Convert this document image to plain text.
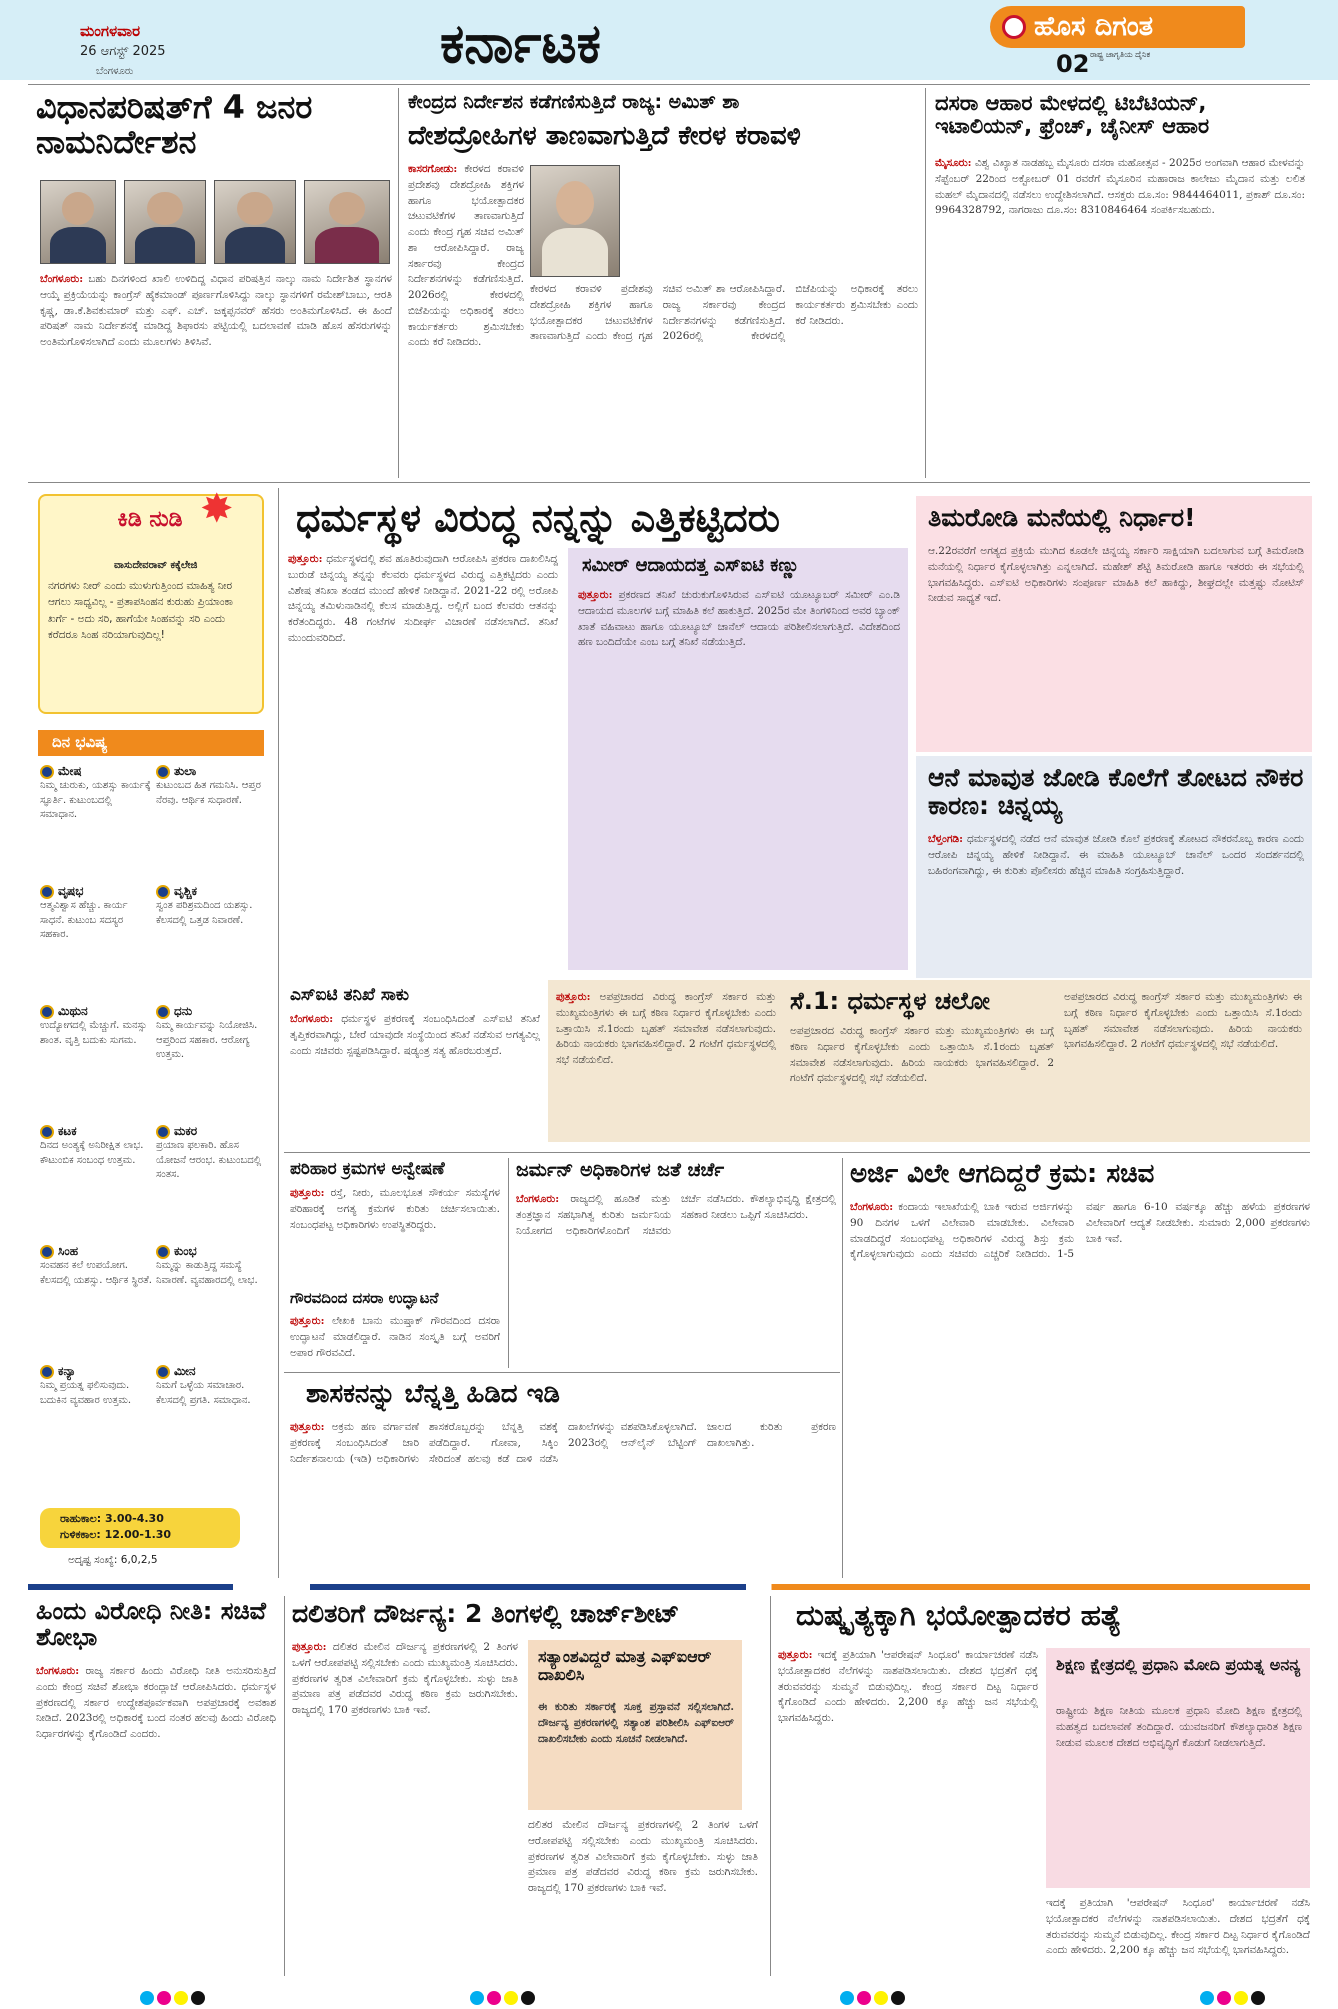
ಮಂಗಳವಾರ
26 ಆಗಸ್ಟ್ 2025
ಬೆಂಗಳೂರು	ಕರ್ನಾಟಕ	ಹೊಸ ದಿಗಂತ
ರಾಷ್ಟ್ರ ಜಾಗೃತಿಯ ದೈನಿಕ
02
ವಿಧಾನಪರಿಷತ್‌ಗೆ 4 ಜನರ ನಾಮನಿರ್ದೇಶನ
ಬೆಂಗಳೂರು: ಬಹು ದಿನಗಳಿಂದ ಖಾಲಿ ಉಳಿದಿದ್ದ ವಿಧಾನ ಪರಿಷತ್ತಿನ ನಾಲ್ಕು ನಾಮ ನಿರ್ದೇಶಿತ ಸ್ಥಾನಗಳ ಆಯ್ಕೆ ಪ್ರಕ್ರಿಯೆಯನ್ನು ಕಾಂಗ್ರೆಸ್ ಹೈಕಮಾಂಡ್ ಪೂರ್ಣಗೊಳಿಸಿದ್ದು ನಾಲ್ಕು ಸ್ಥಾನಗಳಿಗೆ ರಮೇಶ್‌ಬಾಬು, ಆರತಿ ಕೃಷ್ಣ, ಡಾ.ಕೆ.ಶಿವಕುಮಾರ್ ಮತ್ತು ಎಫ್. ಎಚ್. ಜಕ್ಕಪ್ಪನವರ್ ಹೆಸರು ಅಂತಿಮಗೊಳಿಸಿದೆ. ಈ ಹಿಂದೆ ಪರಿಷತ್ ನಾಮ ನಿರ್ದೇಶನಕ್ಕೆ ಮಾಡಿದ್ದ ಶಿಫಾರಸು ಪಟ್ಟಿಯಲ್ಲಿ ಬದಲಾವಣೆ ಮಾಡಿ ಹೊಸ ಹೆಸರುಗಳನ್ನು ಅಂತಿಮಗೊಳಿಸಲಾಗಿದೆ ಎಂದು ಮೂಲಗಳು ತಿಳಿಸಿವೆ.
ಕೇಂದ್ರದ ನಿರ್ದೇಶನ ಕಡೆಗಣಿಸುತ್ತಿದೆ ರಾಜ್ಯ: ಅಮಿತ್ ಶಾ
ದೇಶದ್ರೋಹಿಗಳ ತಾಣವಾಗುತ್ತಿದೆ ಕೇರಳ ಕರಾವಳಿ
ಕಾಸರಗೋಡು: ಕೇರಳದ ಕರಾವಳಿ ಪ್ರದೇಶವು ದೇಶದ್ರೋಹಿ ಶಕ್ತಿಗಳ ಹಾಗೂ ಭಯೋತ್ಪಾದಕರ ಚಟುವಟಿಕೆಗಳ ತಾಣವಾಗುತ್ತಿದೆ ಎಂದು ಕೇಂದ್ರ ಗೃಹ ಸಚಿವ ಅಮಿತ್ ಶಾ ಆರೋಪಿಸಿದ್ದಾರೆ. ರಾಜ್ಯ ಸರ್ಕಾರವು ಕೇಂದ್ರದ ನಿರ್ದೇಶನಗಳನ್ನು ಕಡೆಗಣಿಸುತ್ತಿದೆ. 2026ರಲ್ಲಿ ಕೇರಳದಲ್ಲಿ ಬಿಜೆಪಿಯನ್ನು ಅಧಿಕಾರಕ್ಕೆ ತರಲು ಕಾರ್ಯಕರ್ತರು ಶ್ರಮಿಸಬೇಕು ಎಂದು ಕರೆ ನೀಡಿದರು.
ಕೇರಳದ ಕರಾವಳಿ ಪ್ರದೇಶವು ದೇಶದ್ರೋಹಿ ಶಕ್ತಿಗಳ ಹಾಗೂ ಭಯೋತ್ಪಾದಕರ ಚಟುವಟಿಕೆಗಳ ತಾಣವಾಗುತ್ತಿದೆ ಎಂದು ಕೇಂದ್ರ ಗೃಹ ಸಚಿವ ಅಮಿತ್ ಶಾ ಆರೋಪಿಸಿದ್ದಾರೆ. ರಾಜ್ಯ ಸರ್ಕಾರವು ಕೇಂದ್ರದ ನಿರ್ದೇಶನಗಳನ್ನು ಕಡೆಗಣಿಸುತ್ತಿದೆ. 2026ರಲ್ಲಿ ಕೇರಳದಲ್ಲಿ ಬಿಜೆಪಿಯನ್ನು ಅಧಿಕಾರಕ್ಕೆ ತರಲು ಕಾರ್ಯಕರ್ತರು ಶ್ರಮಿಸಬೇಕು ಎಂದು ಕರೆ ನೀಡಿದರು.
ದಸರಾ ಆಹಾರ ಮೇಳದಲ್ಲಿ ಟಿಬೆಟಿಯನ್, ಇಟಾಲಿಯನ್, ಫ್ರೆಂಚ್, ಚೈನೀಸ್ ಆಹಾರ
ಮೈಸೂರು: ವಿಶ್ವ ವಿಖ್ಯಾತ ನಾಡಹಬ್ಬ ಮೈಸೂರು ದಸರಾ ಮಹೋತ್ಸವ - 2025ರ ಅಂಗವಾಗಿ ಆಹಾರ ಮೇಳವನ್ನು ಸೆಪ್ಟೆಂಬರ್ 22ರಿಂದ ಅಕ್ಟೋಬರ್ 01 ರವರೆಗೆ ಮೈಸೂರಿನ ಮಹಾರಾಜ ಕಾಲೇಜು ಮೈದಾನ ಮತ್ತು ಲಲಿತ ಮಹಲ್ ಮೈದಾನದಲ್ಲಿ ನಡೆಸಲು ಉದ್ದೇಶಿಸಲಾಗಿದೆ. ಆಸಕ್ತರು ದೂ.ಸಂ: 9844464011, ಪ್ರಕಾಶ್ ದೂ.ಸಂ: 9964328792, ನಾಗರಾಜು ದೂ.ಸಂ: 8310846464 ಸಂಪರ್ಕಿಸಬಹುದು.
✸
ಕಿಡಿ ನುಡಿ
ವಾಸುದೇವರಾವ್ ಕಕ್ಕೆಲೇಜಿ
ನಗರಗಳು ನೀರ್‌ ಎಂದು ಮುಳುಗುತ್ತಿಂಂದ ಮಾಹಿತ್ಯ ನೀರ ಆಗಲು ಸಾಧ್ಯವಿಲ್ಲ - ಪ್ರತಾಪಸಿಂಹನ ಕುರುಹು ಪ್ರಿಯಾಂಕಾ ಖರ್ಗೆ - ಅದು ಸರಿ, ಹಾಗೆಯೇ ಸಿಂಹವನ್ನು ಸರಿ ಎಂದು ಕರೆದರೂ ಸಿಂಹ ನರಿಯಾಗುವುದಿಲ್ಲ!
ದಿನ ಭವಿಷ್ಯ
ಮೇಷ
ನಿಮ್ಮ ಚುರುಕು, ಯಶಸ್ಸು ಕಾರ್ಯಕ್ಕೆ ಸ್ಫೂರ್ತಿ. ಕುಟುಂಬದಲ್ಲಿ ಸಮಾಧಾನ.
ವೃಷಭ
ಆತ್ಮವಿಶ್ವಾಸ ಹೆಚ್ಚು. ಕಾರ್ಯ ಸಾಧನೆ. ಕುಟುಂಬ ಸದಸ್ಯರ ಸಹಕಾರ.
ಮಿಥುನ
ಉದ್ಯೋಗದಲ್ಲಿ ಮೆಚ್ಚುಗೆ. ಮನಸ್ಸು ಶಾಂತ. ವೃತ್ತಿ ಬದುಕು ಸುಗಮ.
ಕಟಕ
ದಿನದ ಅಂತ್ಯಕ್ಕೆ ಅನಿರೀಕ್ಷಿತ ಲಾಭ. ಕೌಟುಂಬಿಕ ಸಂಬಂಧ ಉತ್ತಮ.
ಸಿಂಹ
ಸಂವಹನ ಕಲೆ ಉಪಯೋಗ. ಕೆಲಸದಲ್ಲಿ ಯಶಸ್ಸು. ಆರ್ಥಿಕ ಸ್ಥಿರತೆ.
ಕನ್ಯಾ
ನಿಮ್ಮ ಪ್ರಯತ್ನ ಫಲಿಸುವುದು. ಬದುಕಿನ ವ್ಯವಹಾರ ಉತ್ತಮ.
ತುಲಾ
ಕುಟುಂಬದ ಹಿತ ಗಮನಿಸಿ. ಆಪ್ತರ ನೆರವು. ಆರ್ಥಿಕ ಸುಧಾರಣೆ.
ವೃಶ್ಚಿಕ
ಸ್ವಂತ ಪರಿಶ್ರಮದಿಂದ ಯಶಸ್ಸು. ಕೆಲಸದಲ್ಲಿ ಒತ್ತಡ ನಿವಾರಣೆ.
ಧನು
ನಿಮ್ಮ ಕಾರ್ಯವನ್ನು ನಿಯೋಜಿಸಿ. ಆಪ್ತರಿಂದ ಸಹಕಾರ. ಆರೋಗ್ಯ ಉತ್ತಮ.
ಮಕರ
ಪ್ರಯಾಣ ಫಲಕಾರಿ. ಹೊಸ ಯೋಜನೆ ಆರಂಭ. ಕುಟುಂಬದಲ್ಲಿ ಸಂತಸ.
ಕುಂಭ
ನಿಮ್ಮನ್ನು ಕಾಡುತ್ತಿದ್ದ ಸಮಸ್ಯೆ ನಿವಾರಣೆ. ವ್ಯವಹಾರದಲ್ಲಿ ಲಾಭ.
ಮೀನ
ನಿಮಗೆ ಒಳ್ಳೆಯ ಸಮಾಚಾರ. ಕೆಲಸದಲ್ಲಿ ಪ್ರಗತಿ. ಸಮಾಧಾನ.
ರಾಹುಕಾಲ: 3.00-4.30
ಗುಳಿಕಕಾಲ: 12.00-1.30
ಅದೃಷ್ಟ ಸಂಖ್ಯೆ: 6,0,2,5
ಧರ್ಮಸ್ಥಳ ವಿರುದ್ಧ ನನ್ನನ್ನು ಎತ್ತಿಕಟ್ಟಿದರು
ಪುತ್ತೂರು: ಧರ್ಮಸ್ಥಳದಲ್ಲಿ ಶವ ಹೂತಿರುವುದಾಗಿ ಆರೋಪಿಸಿ ಪ್ರಕರಣ ದಾಖಲಿಸಿದ್ದ ಬುರುಡೆ ಚಿನ್ನಯ್ಯ ತನ್ನನ್ನು ಕೆಲವರು ಧರ್ಮಸ್ಥಳದ ವಿರುದ್ಧ ಎತ್ತಿಕಟ್ಟಿದರು ಎಂದು ವಿಶೇಷ ತನಿಖಾ ತಂಡದ ಮುಂದೆ ಹೇಳಿಕೆ ನೀಡಿದ್ದಾನೆ. 2021-22 ರಲ್ಲಿ ಅರೋಪಿ ಚಿನ್ನಯ್ಯ ತಮಿಳುನಾಡಿನಲ್ಲಿ ಕೆಲಸ ಮಾಡುತ್ತಿದ್ದ. ಅಲ್ಲಿಗೆ ಬಂದ ಕೆಲವರು ಆತನನ್ನು ಕರೆತಂದಿದ್ದರು. 48 ಗಂಟೆಗಳ ಸುದೀರ್ಘ ವಿಚಾರಣೆ ನಡೆಸಲಾಗಿದೆ. ತನಿಖೆ ಮುಂದುವರಿದಿದೆ.
ಸಮೀರ್ ಆದಾಯದತ್ತ ಎಸ್‌ಐಟಿ ಕಣ್ಣು
ಪುತ್ತೂರು: ಪ್ರಕರಣದ ತನಿಖೆ ಚುರುಕುಗೊಳಿಸಿರುವ ಎಸ್‌ಐಟಿ ಯೂಟ್ಯೂಬರ್ ಸಮೀರ್ ಎಂ.ಡಿ ಆದಾಯದ ಮೂಲಗಳ ಬಗ್ಗೆ ಮಾಹಿತಿ ಕಲೆ ಹಾಕುತ್ತಿದೆ. 2025ರ ಮೇ ತಿಂಗಳಿನಿಂದ ಅವರ ಬ್ಯಾಂಕ್ ಖಾತೆ ವಹಿವಾಟು ಹಾಗೂ ಯೂಟ್ಯೂಬ್ ಚಾನೆಲ್ ಆದಾಯ ಪರಿಶೀಲಿಸಲಾಗುತ್ತಿದೆ. ವಿದೇಶದಿಂದ ಹಣ ಬಂದಿದೆಯೇ ಎಂಬ ಬಗ್ಗೆ ತನಿಖೆ ನಡೆಯುತ್ತಿದೆ.
ತಿಮರೋಡಿ ಮನೆಯಲ್ಲಿ ನಿರ್ಧಾರ!
ಆ.22ರವರೆಗೆ ಅಗತ್ಯದ ಪ್ರಕ್ರಿಯೆ ಮುಗಿದ ಕೂಡಲೇ ಚಿನ್ನಯ್ಯ ಸರ್ಕಾರಿ ಸಾಕ್ಷಿಯಾಗಿ ಬದಲಾಗುವ ಬಗ್ಗೆ ತಿಮರೋಡಿ ಮನೆಯಲ್ಲಿ ನಿರ್ಧಾರ ಕೈಗೊಳ್ಳಲಾಗಿತ್ತು ಎನ್ನಲಾಗಿದೆ. ಮಹೇಶ್ ಶೆಟ್ಟಿ ತಿಮರೋಡಿ ಹಾಗೂ ಇತರರು ಈ ಸಭೆಯಲ್ಲಿ ಭಾಗವಹಿಸಿದ್ದರು. ಎಸ್‌ಐಟಿ ಅಧಿಕಾರಿಗಳು ಸಂಪೂರ್ಣ ಮಾಹಿತಿ ಕಲೆ ಹಾಕಿದ್ದು, ಶೀಘ್ರದಲ್ಲೇ ಮತ್ತಷ್ಟು ನೋಟಿಸ್ ನೀಡುವ ಸಾಧ್ಯತೆ ಇದೆ.
ಆನೆ ಮಾವುತ ಜೋಡಿ ಕೊಲೆಗೆ ತೋಟದ ನೌಕರ ಕಾರಣ: ಚಿನ್ನಯ್ಯ
ಬೆಳ್ತಂಗಡಿ: ಧರ್ಮಸ್ಥಳದಲ್ಲಿ ನಡೆದ ಆನೆ ಮಾವುತ ಜೋಡಿ ಕೊಲೆ ಪ್ರಕರಣಕ್ಕೆ ತೋಟದ ನೌಕರನೊಬ್ಬ ಕಾರಣ ಎಂದು ಆರೋಪಿ ಚಿನ್ನಯ್ಯ ಹೇಳಿಕೆ ನೀಡಿದ್ದಾನೆ. ಈ ಮಾಹಿತಿ ಯೂಟ್ಯೂಬ್ ಚಾನೆಲ್ ಒಂದರ ಸಂದರ್ಶನದಲ್ಲಿ ಬಹಿರಂಗವಾಗಿದ್ದು, ಈ ಕುರಿತು ಪೊಲೀಸರು ಹೆಚ್ಚಿನ ಮಾಹಿತಿ ಸಂಗ್ರಹಿಸುತ್ತಿದ್ದಾರೆ.
ಎಸ್‌ಐಟಿ ತನಿಖೆ ಸಾಕು
ಬೆಂಗಳೂರು: ಧರ್ಮಸ್ಥಳ ಪ್ರಕರಣಕ್ಕೆ ಸಂಬಂಧಿಸಿದಂತೆ ಎಸ್‌ಐಟಿ ತನಿಖೆ ತೃಪ್ತಿಕರವಾಗಿದ್ದು, ಬೇರೆ ಯಾವುದೇ ಸಂಸ್ಥೆಯಿಂದ ತನಿಖೆ ನಡೆಸುವ ಅಗತ್ಯವಿಲ್ಲ ಎಂದು ಸಚಿವರು ಸ್ಪಷ್ಟಪಡಿಸಿದ್ದಾರೆ. ಷಡ್ಯಂತ್ರ ಸತ್ಯ ಹೊರಬರುತ್ತದೆ.
ಸೆ.1: ಧರ್ಮಸ್ಥಳ ಚಲೋ
ಪುತ್ತೂರು: ಅಪಪ್ರಚಾರದ ವಿರುದ್ಧ ಕಾಂಗ್ರೆಸ್ ಸರ್ಕಾರ ಮತ್ತು ಮುಖ್ಯಮಂತ್ರಿಗಳು ಈ ಬಗ್ಗೆ ಕಠಿಣ ನಿರ್ಧಾರ ಕೈಗೊಳ್ಳಬೇಕು ಎಂದು ಒತ್ತಾಯಿಸಿ ಸೆ.1ರಂದು ಬೃಹತ್ ಸಮಾವೇಶ ನಡೆಸಲಾಗುವುದು. ಹಿರಿಯ ನಾಯಕರು ಭಾಗವಹಿಸಲಿದ್ದಾರೆ. 2 ಗಂಟೆಗೆ ಧರ್ಮಸ್ಥಳದಲ್ಲಿ ಸಭೆ ನಡೆಯಲಿದೆ.
ಅಪಪ್ರಚಾರದ ವಿರುದ್ಧ ಕಾಂಗ್ರೆಸ್ ಸರ್ಕಾರ ಮತ್ತು ಮುಖ್ಯಮಂತ್ರಿಗಳು ಈ ಬಗ್ಗೆ ಕಠಿಣ ನಿರ್ಧಾರ ಕೈಗೊಳ್ಳಬೇಕು ಎಂದು ಒತ್ತಾಯಿಸಿ ಸೆ.1ರಂದು ಬೃಹತ್ ಸಮಾವೇಶ ನಡೆಸಲಾಗುವುದು. ಹಿರಿಯ ನಾಯಕರು ಭಾಗವಹಿಸಲಿದ್ದಾರೆ. 2 ಗಂಟೆಗೆ ಧರ್ಮಸ್ಥಳದಲ್ಲಿ ಸಭೆ ನಡೆಯಲಿದೆ.
ಅಪಪ್ರಚಾರದ ವಿರುದ್ಧ ಕಾಂಗ್ರೆಸ್ ಸರ್ಕಾರ ಮತ್ತು ಮುಖ್ಯಮಂತ್ರಿಗಳು ಈ ಬಗ್ಗೆ ಕಠಿಣ ನಿರ್ಧಾರ ಕೈಗೊಳ್ಳಬೇಕು ಎಂದು ಒತ್ತಾಯಿಸಿ ಸೆ.1ರಂದು ಬೃಹತ್ ಸಮಾವೇಶ ನಡೆಸಲಾಗುವುದು. ಹಿರಿಯ ನಾಯಕರು ಭಾಗವಹಿಸಲಿದ್ದಾರೆ. 2 ಗಂಟೆಗೆ ಧರ್ಮಸ್ಥಳದಲ್ಲಿ ಸಭೆ ನಡೆಯಲಿದೆ.
ಪರಿಹಾರ ಕ್ರಮಗಳ ಅನ್ವೇಷಣೆ
ಪುತ್ತೂರು: ರಸ್ತೆ, ನೀರು, ಮೂಲಭೂತ ಸೌಕರ್ಯ ಸಮಸ್ಯೆಗಳ ಪರಿಹಾರಕ್ಕೆ ಅಗತ್ಯ ಕ್ರಮಗಳ ಕುರಿತು ಚರ್ಚಿಸಲಾಯಿತು. ಸಂಬಂಧಪಟ್ಟ ಅಧಿಕಾರಿಗಳು ಉಪಸ್ಥಿತರಿದ್ದರು.
ಗೌರವದಿಂದ ದಸರಾ ಉದ್ಘಾಟನೆ
ಪುತ್ತೂರು: ಲೇಖಕಿ ಬಾನು ಮುಷ್ತಾಕ್ ಗೌರವದಿಂದ ದಸರಾ ಉದ್ಘಾಟನೆ ಮಾಡಲಿದ್ದಾರೆ. ನಾಡಿನ ಸಂಸ್ಕೃತಿ ಬಗ್ಗೆ ಅವರಿಗೆ ಅಪಾರ ಗೌರವವಿದೆ.
ಜರ್ಮನ್ ಅಧಿಕಾರಿಗಳ ಜತೆ ಚರ್ಚೆ
ಬೆಂಗಳೂರು: ರಾಜ್ಯದಲ್ಲಿ ಹೂಡಿಕೆ ಮತ್ತು ತಂತ್ರಜ್ಞಾನ ಸಹಭಾಗಿತ್ವ ಕುರಿತು ಜರ್ಮನಿಯ ನಿಯೋಗದ ಅಧಿಕಾರಿಗಳೊಂದಿಗೆ ಸಚಿವರು ಚರ್ಚೆ ನಡೆಸಿದರು. ಕೌಶಲ್ಯಾಭಿವೃದ್ಧಿ ಕ್ಷೇತ್ರದಲ್ಲಿ ಸಹಕಾರ ನೀಡಲು ಒಪ್ಪಿಗೆ ಸೂಚಿಸಿದರು.
ಅರ್ಜಿ ವಿಲೇ ಆಗದಿದ್ದರೆ ಕ್ರಮ: ಸಚಿವ
ಬೆಂಗಳೂರು: ಕಂದಾಯ ಇಲಾಖೆಯಲ್ಲಿ ಬಾಕಿ ಇರುವ ಅರ್ಜಿಗಳನ್ನು 90 ದಿನಗಳ ಒಳಗೆ ವಿಲೇವಾರಿ ಮಾಡಬೇಕು. ವಿಲೇವಾರಿ ಮಾಡದಿದ್ದರೆ ಸಂಬಂಧಪಟ್ಟ ಅಧಿಕಾರಿಗಳ ವಿರುದ್ಧ ಶಿಸ್ತು ಕ್ರಮ ಕೈಗೊಳ್ಳಲಾಗುವುದು ಎಂದು ಸಚಿವರು ಎಚ್ಚರಿಕೆ ನೀಡಿದರು. 1-5 ವರ್ಷ ಹಾಗೂ 6-10 ವರ್ಷಕ್ಕೂ ಹೆಚ್ಚು ಹಳೆಯ ಪ್ರಕರಣಗಳ ವಿಲೇವಾರಿಗೆ ಆದ್ಯತೆ ನೀಡಬೇಕು. ಸುಮಾರು 2,000 ಪ್ರಕರಣಗಳು ಬಾಕಿ ಇವೆ.
ಶಾಸಕನನ್ನು ಬೆನ್ನತ್ತಿ ಹಿಡಿದ ಇಡಿ
ಪುತ್ತೂರು: ಅಕ್ರಮ ಹಣ ವರ್ಗಾವಣೆ ಪ್ರಕರಣಕ್ಕೆ ಸಂಬಂಧಿಸಿದಂತೆ ಜಾರಿ ನಿರ್ದೇಶನಾಲಯ (ಇಡಿ) ಅಧಿಕಾರಿಗಳು ಶಾಸಕರೊಬ್ಬರನ್ನು ಬೆನ್ನತ್ತಿ ವಶಕ್ಕೆ ಪಡೆದಿದ್ದಾರೆ. ಗೋವಾ, ಸಿಕ್ಕಿಂ ಸೇರಿದಂತೆ ಹಲವು ಕಡೆ ದಾಳಿ ನಡೆಸಿ ದಾಖಲೆಗಳನ್ನು ವಶಪಡಿಸಿಕೊಳ್ಳಲಾಗಿದೆ. 2023ರಲ್ಲಿ ಆನ್‌ಲೈನ್ ಬೆಟ್ಟಿಂಗ್ ಜಾಲದ ಕುರಿತು ಪ್ರಕರಣ ದಾಖಲಾಗಿತ್ತು.
ಹಿಂದು ವಿರೋಧಿ ನೀತಿ: ಸಚಿವೆ ಶೋಭಾ
ಬೆಂಗಳೂರು: ರಾಜ್ಯ ಸರ್ಕಾರ ಹಿಂದು ವಿರೋಧಿ ನೀತಿ ಅನುಸರಿಸುತ್ತಿದೆ ಎಂದು ಕೇಂದ್ರ ಸಚಿವೆ ಶೋಭಾ ಕರಂದ್ಲಾಜೆ ಆರೋಪಿಸಿದರು. ಧರ್ಮಸ್ಥಳ ಪ್ರಕರಣದಲ್ಲಿ ಸರ್ಕಾರ ಉದ್ದೇಶಪೂರ್ವಕವಾಗಿ ಅಪಪ್ರಚಾರಕ್ಕೆ ಅವಕಾಶ ನೀಡಿದೆ. 2023ರಲ್ಲಿ ಅಧಿಕಾರಕ್ಕೆ ಬಂದ ನಂತರ ಹಲವು ಹಿಂದು ವಿರೋಧಿ ನಿರ್ಧಾರಗಳನ್ನು ಕೈಗೊಂಡಿದೆ ಎಂದರು.
ದಲಿತರಿಗೆ ದೌರ್ಜನ್ಯ: 2 ತಿಂಗಳಲ್ಲಿ ಚಾರ್ಜ್‌ಶೀಟ್
ಪುತ್ತೂರು: ದಲಿತರ ಮೇಲಿನ ದೌರ್ಜನ್ಯ ಪ್ರಕರಣಗಳಲ್ಲಿ 2 ತಿಂಗಳ ಒಳಗೆ ಆರೋಪಪಟ್ಟಿ ಸಲ್ಲಿಸಬೇಕು ಎಂದು ಮುಖ್ಯಮಂತ್ರಿ ಸೂಚಿಸಿದರು. ಪ್ರಕರಣಗಳ ತ್ವರಿತ ವಿಲೇವಾರಿಗೆ ಕ್ರಮ ಕೈಗೊಳ್ಳಬೇಕು. ಸುಳ್ಳು ಜಾತಿ ಪ್ರಮಾಣ ಪತ್ರ ಪಡೆದವರ ವಿರುದ್ಧ ಕಠಿಣ ಕ್ರಮ ಜರುಗಿಸಬೇಕು. ರಾಜ್ಯದಲ್ಲಿ 170 ಪ್ರಕರಣಗಳು ಬಾಕಿ ಇವೆ.
ಸತ್ಯಾಂಶವಿದ್ದರೆ ಮಾತ್ರ ಎಫ್‌ಐಆರ್ ದಾಖಲಿಸಿ
ಈ ಕುರಿತು ಸರ್ಕಾರಕ್ಕೆ ಸೂಕ್ತ ಪ್ರಸ್ತಾವನೆ ಸಲ್ಲಿಸಲಾಗಿದೆ. ದೌರ್ಜನ್ಯ ಪ್ರಕರಣಗಳಲ್ಲಿ ಸತ್ಯಾಂಶ ಪರಿಶೀಲಿಸಿ ಎಫ್‌ಐಆರ್ ದಾಖಲಿಸಬೇಕು ಎಂದು ಸೂಚನೆ ನೀಡಲಾಗಿದೆ.
ದಲಿತರ ಮೇಲಿನ ದೌರ್ಜನ್ಯ ಪ್ರಕರಣಗಳಲ್ಲಿ 2 ತಿಂಗಳ ಒಳಗೆ ಆರೋಪಪಟ್ಟಿ ಸಲ್ಲಿಸಬೇಕು ಎಂದು ಮುಖ್ಯಮಂತ್ರಿ ಸೂಚಿಸಿದರು. ಪ್ರಕರಣಗಳ ತ್ವರಿತ ವಿಲೇವಾರಿಗೆ ಕ್ರಮ ಕೈಗೊಳ್ಳಬೇಕು. ಸುಳ್ಳು ಜಾತಿ ಪ್ರಮಾಣ ಪತ್ರ ಪಡೆದವರ ವಿರುದ್ಧ ಕಠಿಣ ಕ್ರಮ ಜರುಗಿಸಬೇಕು. ರಾಜ್ಯದಲ್ಲಿ 170 ಪ್ರಕರಣಗಳು ಬಾಕಿ ಇವೆ.
ದುಷ್ಕೃತ್ಯಕ್ಕಾಗಿ ಭಯೋತ್ಪಾದಕರ ಹತ್ಯೆ
ಪುತ್ತೂರು: ಇದಕ್ಕೆ ಪ್ರತಿಯಾಗಿ 'ಆಪರೇಷನ್ ಸಿಂಧೂರ' ಕಾರ್ಯಾಚರಣೆ ನಡೆಸಿ ಭಯೋತ್ಪಾದಕರ ನೆಲೆಗಳನ್ನು ನಾಶಪಡಿಸಲಾಯಿತು. ದೇಶದ ಭದ್ರತೆಗೆ ಧಕ್ಕೆ ತರುವವರನ್ನು ಸುಮ್ಮನೆ ಬಿಡುವುದಿಲ್ಲ. ಕೇಂದ್ರ ಸರ್ಕಾರ ದಿಟ್ಟ ನಿರ್ಧಾರ ಕೈಗೊಂಡಿದೆ ಎಂದು ಹೇಳಿದರು. 2,200 ಕ್ಕೂ ಹೆಚ್ಚು ಜನ ಸಭೆಯಲ್ಲಿ ಭಾಗವಹಿಸಿದ್ದರು.
ಶಿಕ್ಷಣ ಕ್ಷೇತ್ರದಲ್ಲಿ ಪ್ರಧಾನಿ ಮೋದಿ ಪ್ರಯತ್ನ ಅನನ್ಯ
ರಾಷ್ಟ್ರೀಯ ಶಿಕ್ಷಣ ನೀತಿಯ ಮೂಲಕ ಪ್ರಧಾನಿ ಮೋದಿ ಶಿಕ್ಷಣ ಕ್ಷೇತ್ರದಲ್ಲಿ ಮಹತ್ವದ ಬದಲಾವಣೆ ತಂದಿದ್ದಾರೆ. ಯುವಜನರಿಗೆ ಕೌಶಲ್ಯಾಧಾರಿತ ಶಿಕ್ಷಣ ನೀಡುವ ಮೂಲಕ ದೇಶದ ಅಭಿವೃದ್ಧಿಗೆ ಕೊಡುಗೆ ನೀಡಲಾಗುತ್ತಿದೆ.
ಇದಕ್ಕೆ ಪ್ರತಿಯಾಗಿ 'ಆಪರೇಷನ್ ಸಿಂಧೂರ' ಕಾರ್ಯಾಚರಣೆ ನಡೆಸಿ ಭಯೋತ್ಪಾದಕರ ನೆಲೆಗಳನ್ನು ನಾಶಪಡಿಸಲಾಯಿತು. ದೇಶದ ಭದ್ರತೆಗೆ ಧಕ್ಕೆ ತರುವವರನ್ನು ಸುಮ್ಮನೆ ಬಿಡುವುದಿಲ್ಲ. ಕೇಂದ್ರ ಸರ್ಕಾರ ದಿಟ್ಟ ನಿರ್ಧಾರ ಕೈಗೊಂಡಿದೆ ಎಂದು ಹೇಳಿದರು. 2,200 ಕ್ಕೂ ಹೆಚ್ಚು ಜನ ಸಭೆಯಲ್ಲಿ ಭಾಗವಹಿಸಿದ್ದರು.
